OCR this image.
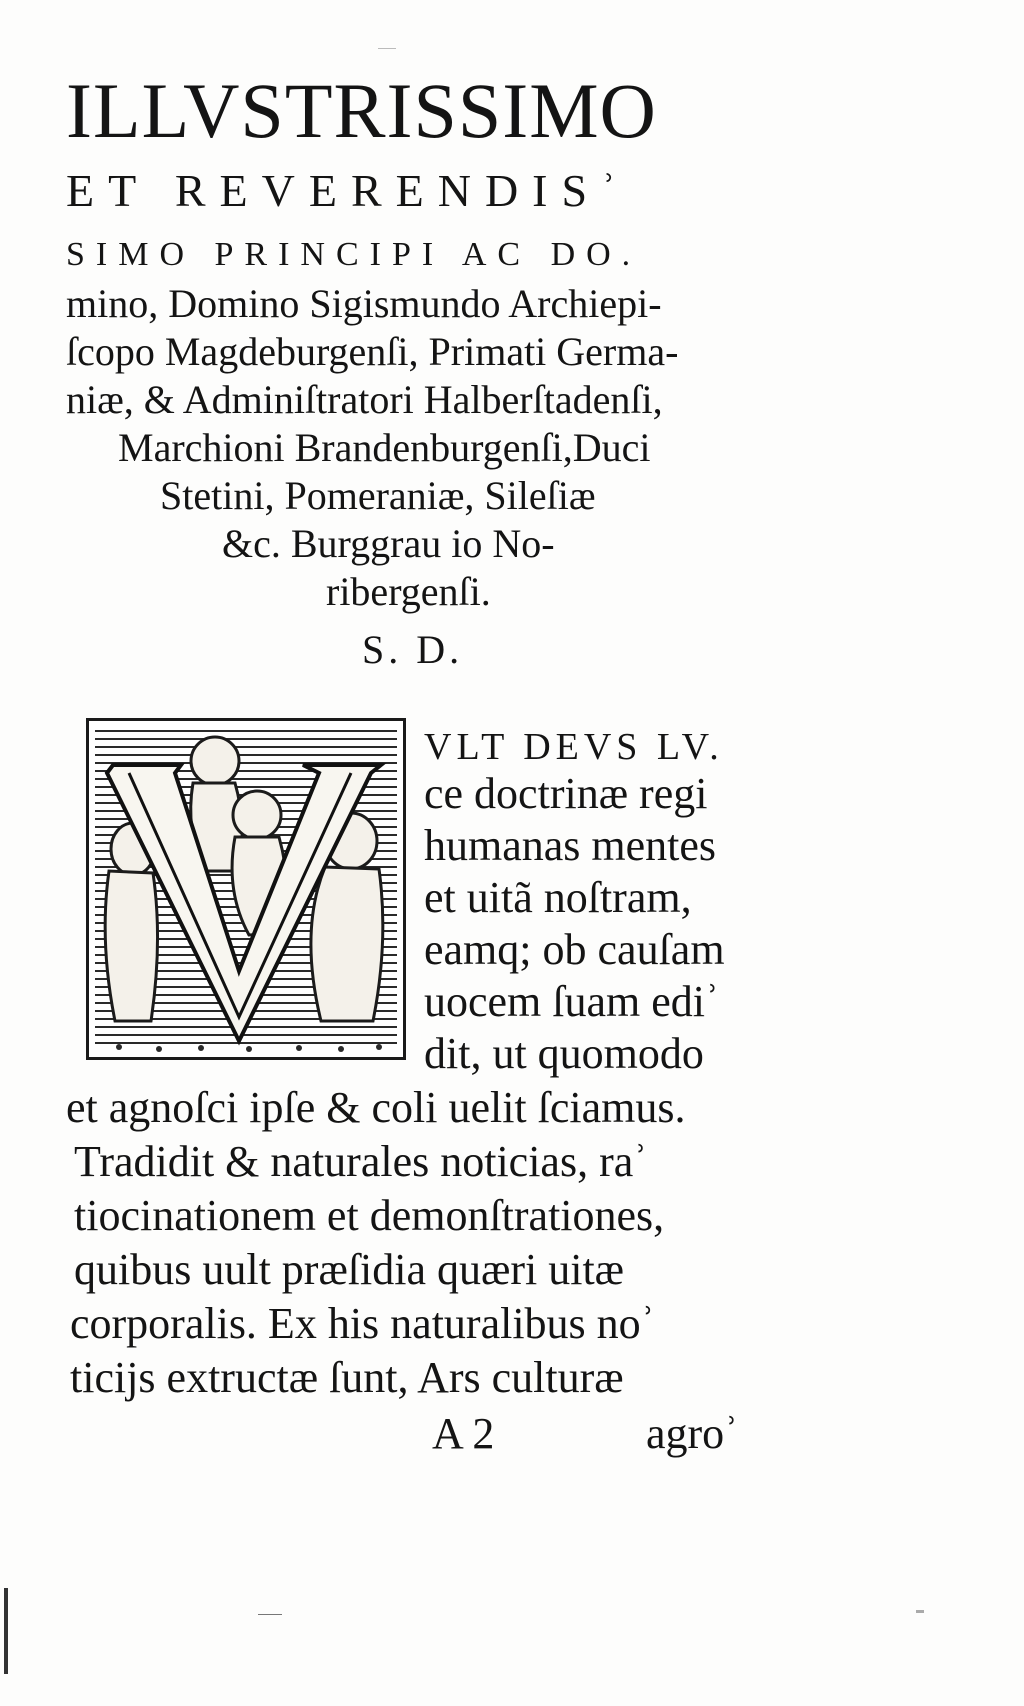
ILLVSTRISSIMO
ET REVERENDISʾ
SIMO PRINCIPI AC DO.
mino, Domino Sigismundo Archiepi-
ſcopo Magdeburgenſi, Primati Germa-
niæ, & Adminiſtratori Halberſtadenſi,
Marchioni Brandenburgenſi,Duci
Stetini, Pomeraniæ, Sileſiæ
&c. Burggrau io No-
ribergenſi.
S. D.
VLT DEVS LV.
ce doctrinæ regi
humanas mentes
et uitã noſtram,
eamq; ob cauſam
uocem ſuam ediʾ
dit, ut quomodo
et agnoſci ipſe & coli uelit ſciamus.
Tradidit & naturales noticias, raʾ
tiocinationem et demonſtrationes,
quibus uult præſidia quæri uitæ
corporalis. Ex his naturalibus noʾ
ticijs extructæ ſunt, Ars culturæ
A 2	agroʾ
